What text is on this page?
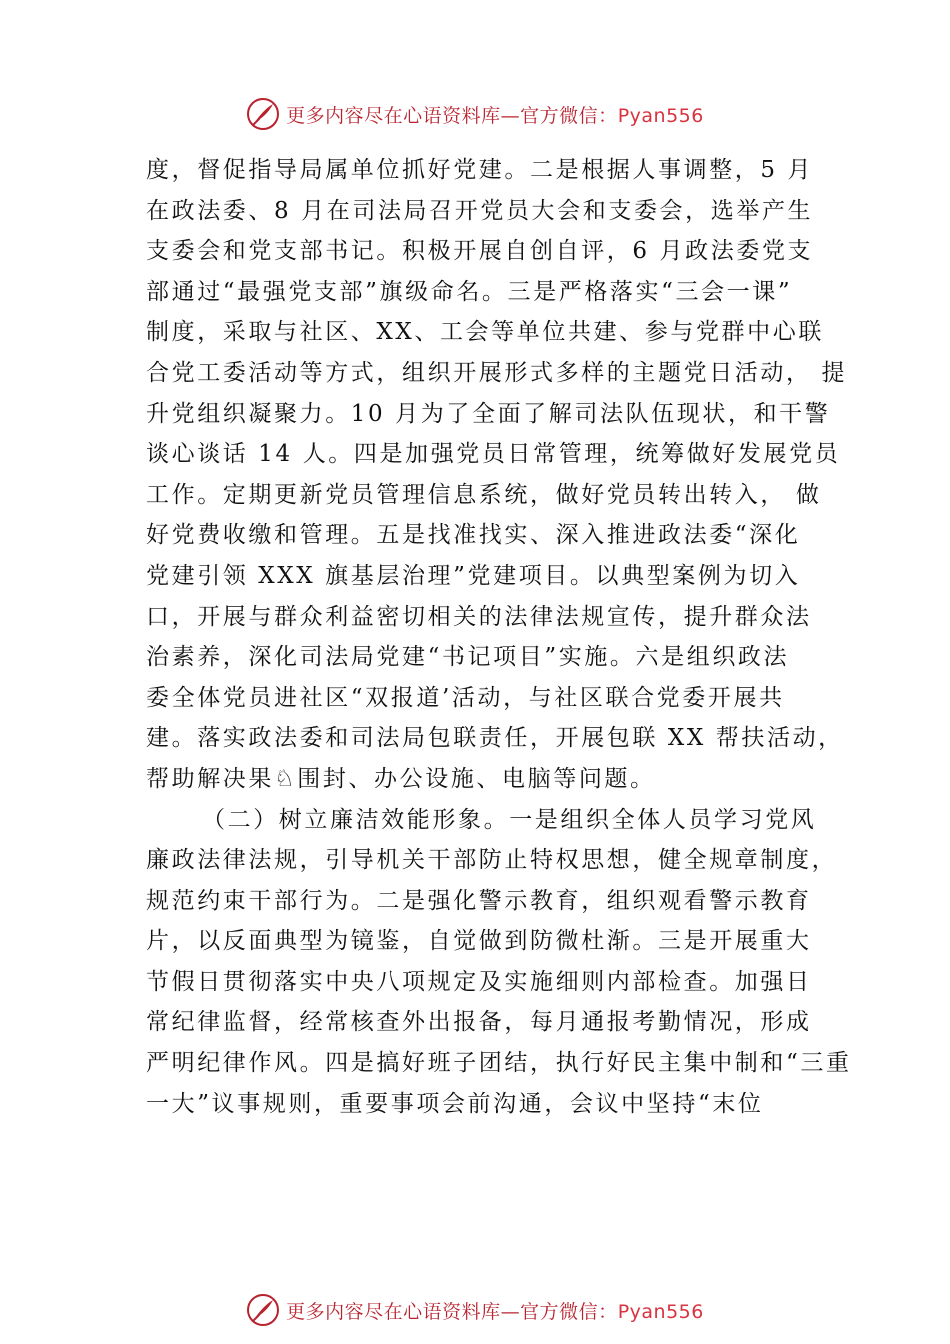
更多内容尽在心语资料库—官方微信：Pyan556
度，督促指导局属单位抓好党建。二是根据人事调整，5 月
在政法委、8 月在司法局召开党员大会和支委会，选举产生
支委会和党支部书记。积极开展自创自评，6 月政法委党支
部通过“最强党支部”旗级命名。三是严格落实“三会一课”
制度，采取与社区、XX、工会等单位共建、参与党群中心联
合党工委活动等方式，组织开展形式多样的主题党日活动， 提
升党组织凝聚力。10 月为了全面了解司法队伍现状，和干警
谈心谈话 14 人。四是加强党员日常管理，统筹做好发展党员
工作。定期更新党员管理信息系统，做好党员转出转入， 做
好党费收缴和管理。五是找准找实、深入推进政法委“深化
党建引领 XXX 旗基层治理”党建项目。以典型案例为切入
口，开展与群众利益密切相关的法律法规宣传，提升群众法
治素养，深化司法局党建“书记项目”实施。六是组织政法
委全体党员进社区“双报道’活动，与社区联合党委开展共
建。落实政法委和司法局包联责任，开展包联 XX 帮扶活动，
帮助解决果♘围封、办公设施、电脑等问题。
（二）树立廉洁效能形象。一是组织全体人员学习党风
廉政法律法规，引导机关干部防止特权思想，健全规章制度，
规范约束干部行为。二是强化警示教育，组织观看警示教育
片，以反面典型为镜鉴，自觉做到防微杜渐。三是开展重大
节假日贯彻落实中央八项规定及实施细则内部检查。加强日
常纪律监督，经常核查外出报备，每月通报考勤情况，形成
严明纪律作风。四是搞好班子团结，执行好民主集中制和“三重
一大”议事规则，重要事项会前沟通，会议中坚持“末位
更多内容尽在心语资料库—官方微信：Pyan556
